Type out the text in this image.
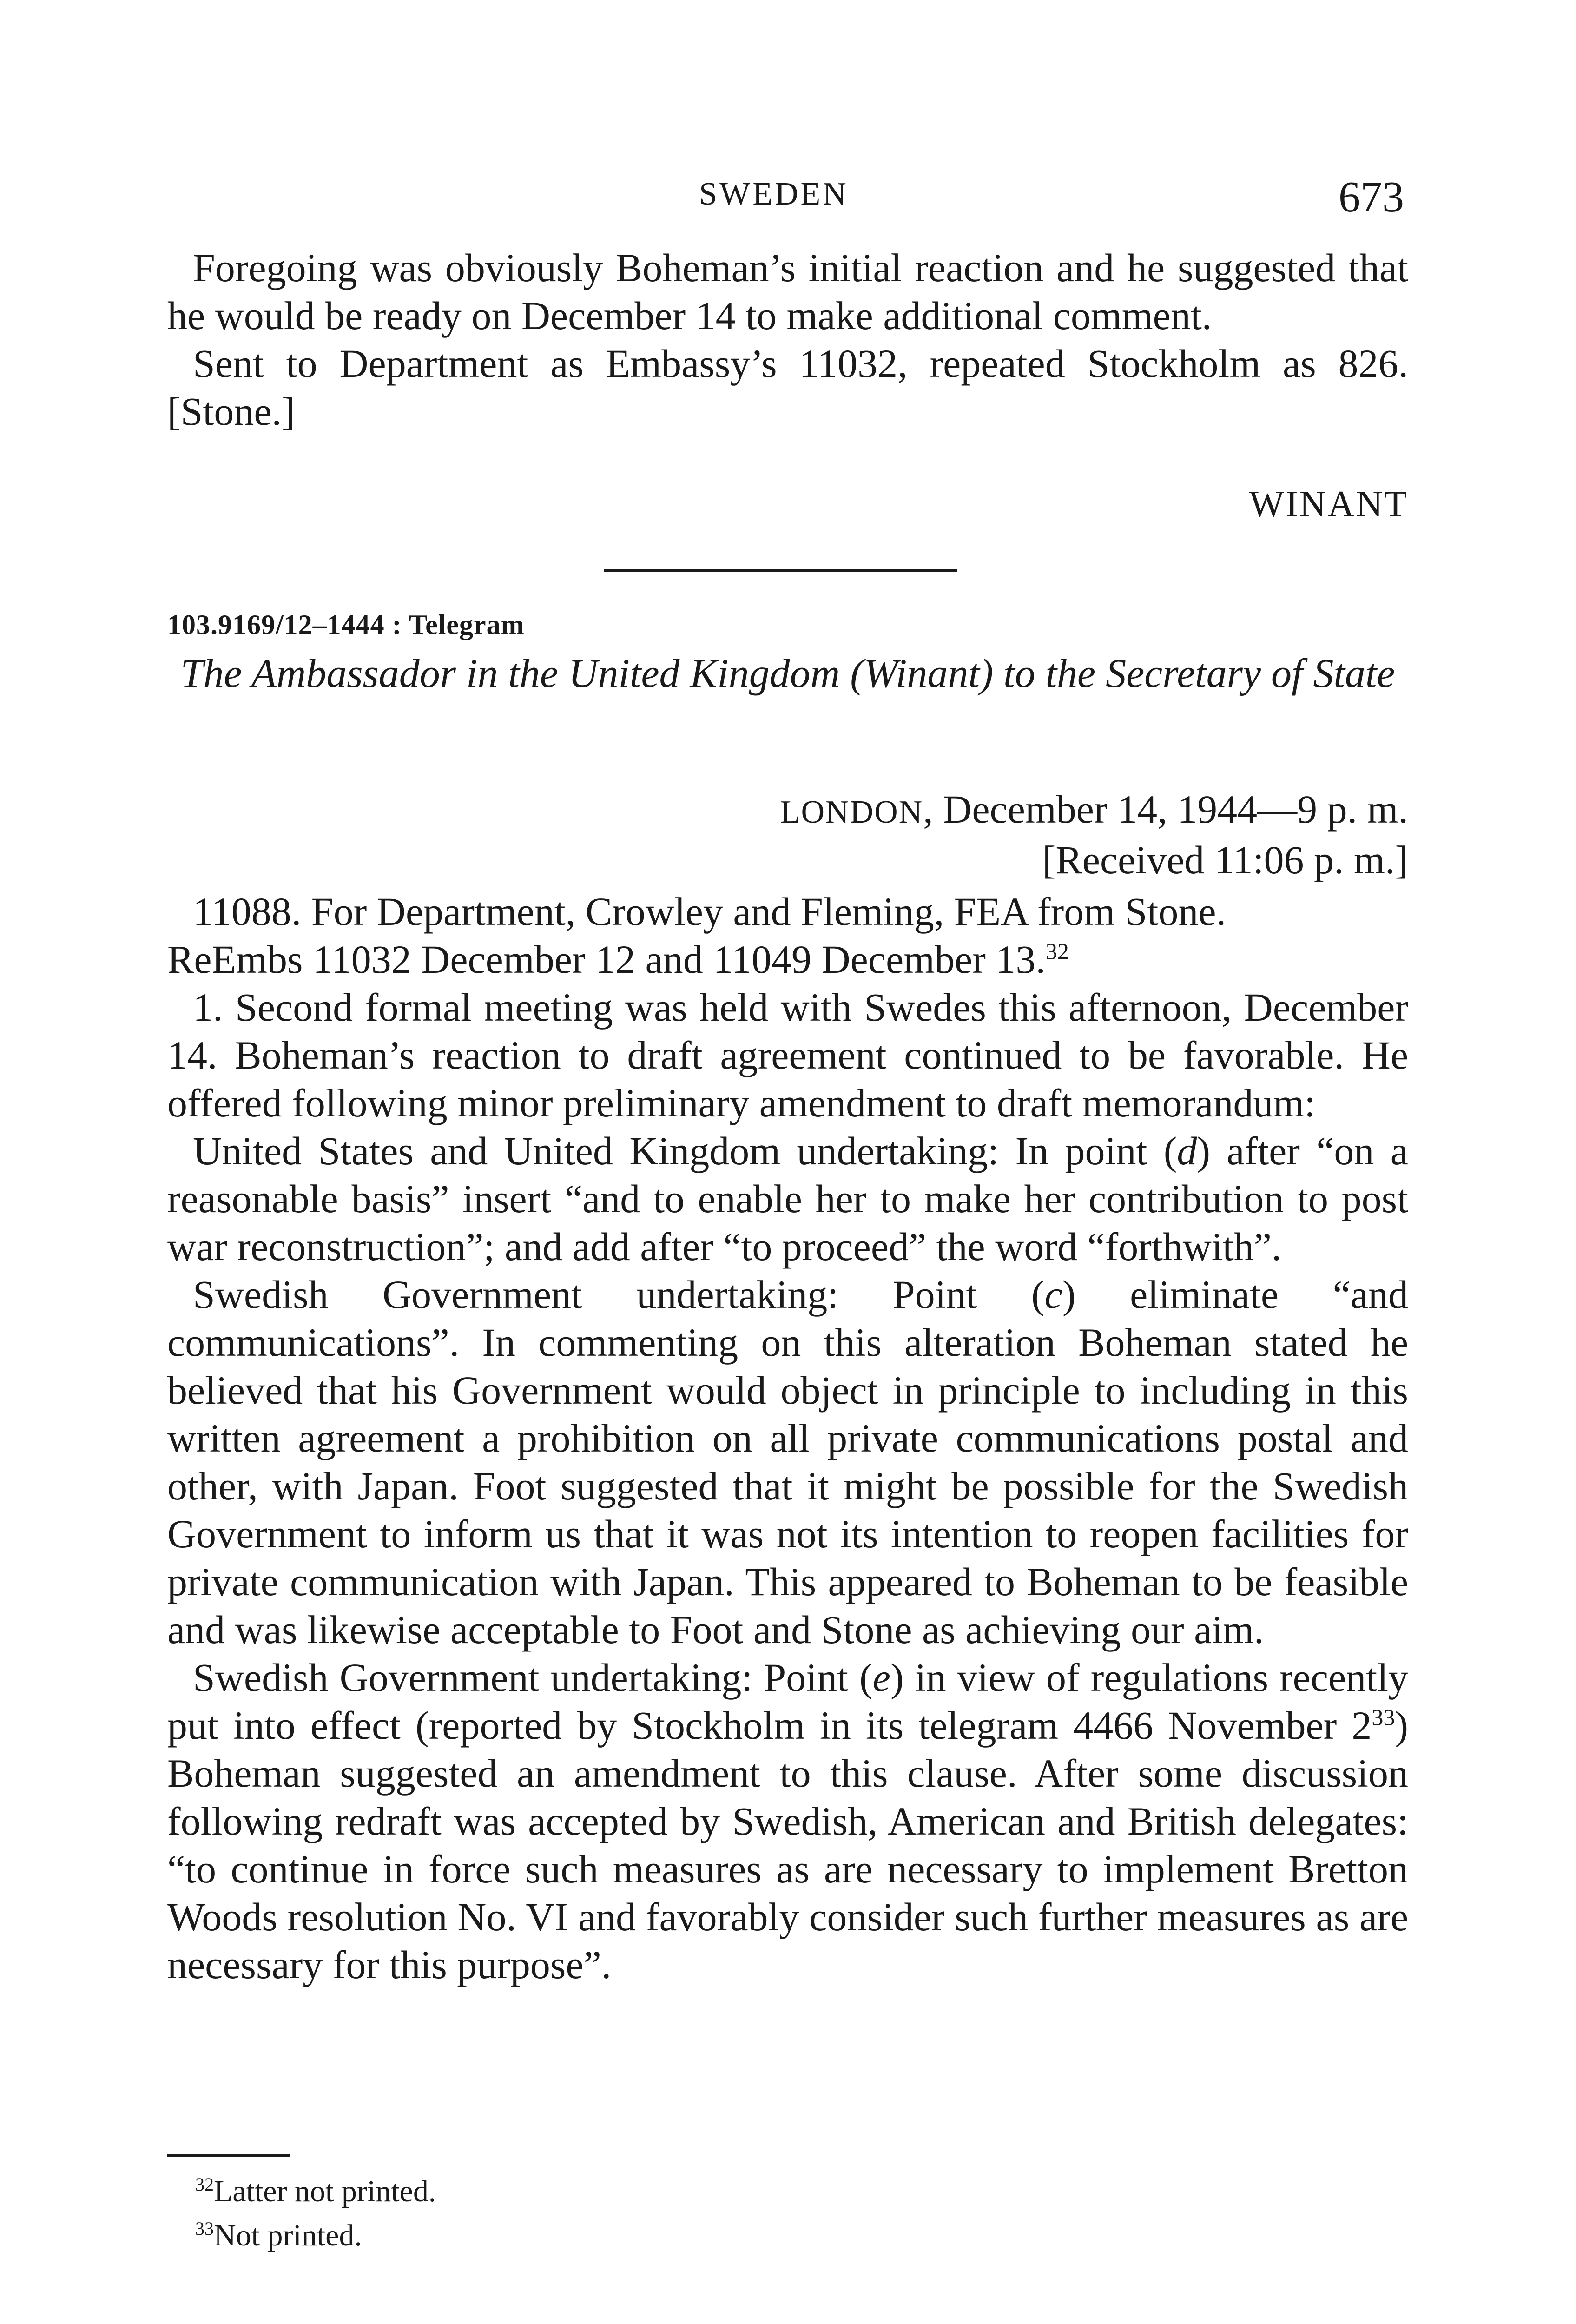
SWEDEN	673

Foregoing was obviously Boheman’s initial reaction and he suggested that he would be ready on December 14 to make additional comment.

Sent to Department as Embassy’s 11032, repeated Stockholm as 826. [Stone.]

WINANT
103.9169/12–1444 : Telegram
The Ambassador in the United Kingdom (Winant) to the Secretary of State
LONDON, December 14, 1944—9 p. m.
[Received 11:06 p. m.]

11088. For Department, Crowley and Fleming, FEA from Stone.

ReEmbs 11032 December 12 and 11049 December 13.32

1. Second formal meeting was held with Swedes this afternoon, December 14. Boheman’s reaction to draft agreement continued to be favorable. He offered following minor preliminary amendment to draft memorandum:

United States and United Kingdom undertaking: In point (d) after “on a reasonable basis” insert “and to enable her to make her contribution to post war reconstruction”; and add after “to proceed” the word “forthwith”.

Swedish Government undertaking: Point (c) eliminate “and communications”. In commenting on this alteration Boheman stated he believed that his Government would object in principle to including in this written agreement a prohibition on all private communications postal and other, with Japan. Foot suggested that it might be possible for the Swedish Government to inform us that it was not its intention to reopen facilities for private communication with Japan. This appeared to Boheman to be feasible and was likewise acceptable to Foot and Stone as achieving our aim.

Swedish Government undertaking: Point (e) in view of regulations recently put into effect (reported by Stockholm in its telegram 4466 November $2^{33}$) Boheman suggested an amendment to this clause. After some discussion following redraft was accepted by Swedish, American and British delegates: “to continue in force such measures as are necessary to implement Bretton Woods resolution No. VI and favorably consider such further measures as are necessary for this purpose”.

$^{32}$Latter not printed.
$^{33}$Not printed.
